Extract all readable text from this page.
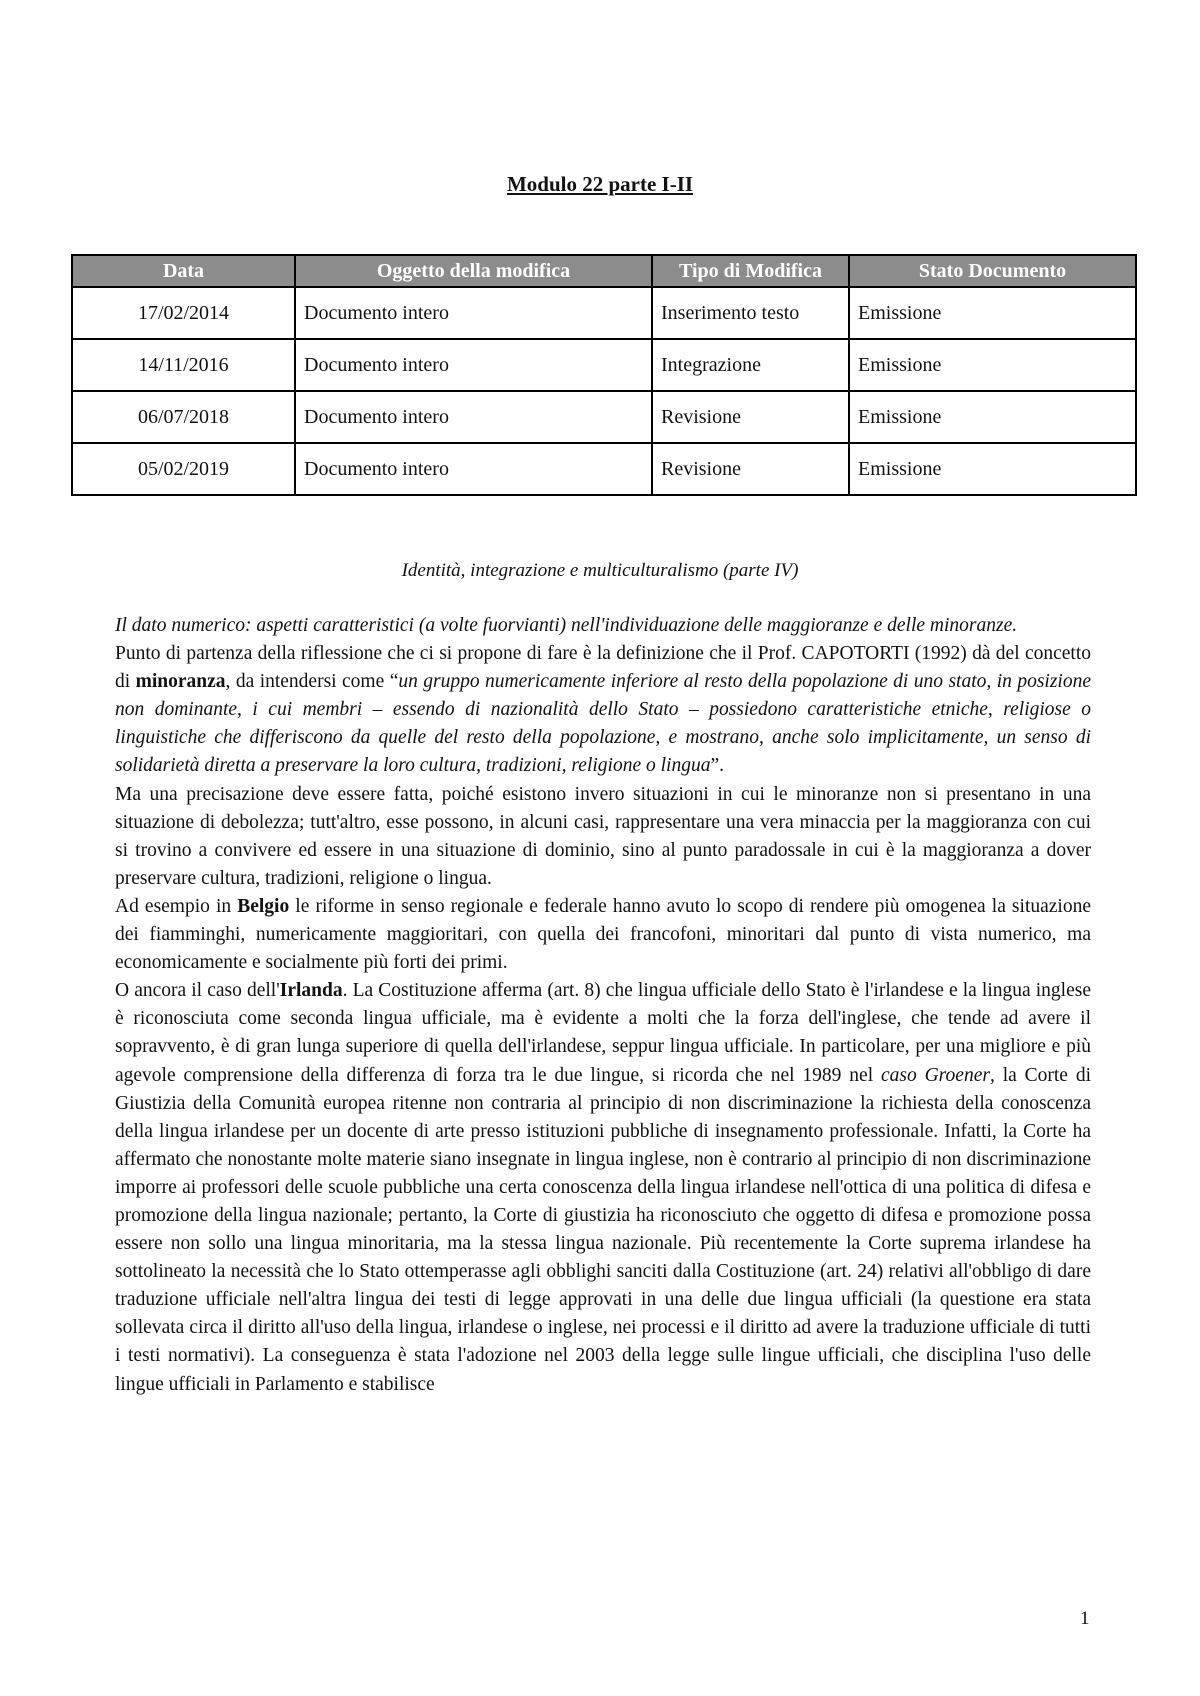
Modulo 22 parte I-II
Data	Oggetto della modifica	Tipo di Modifica	Stato Documento
17/02/2014	Documento intero	Inserimento testo	Emissione
14/11/2016	Documento intero	Integrazione	Emissione
06/07/2018	Documento intero	Revisione	Emissione
05/02/2019	Documento intero	Revisione	Emissione
Identità, integrazione e multiculturalismo (parte IV)

Il dato numerico: aspetti caratteristici (a volte fuorvianti) nell'individuazione delle maggioranze e delle minoranze.

Punto di partenza della riflessione che ci si propone di fare è la definizione che il Prof. CAPOTORTI (1992) dà del concetto di minoranza, da intendersi come “un gruppo numericamente inferiore al resto della popolazione di uno stato, in posizione non dominante, i cui membri – essendo di nazionalità dello Stato – possiedono caratteristiche etniche, religiose o linguistiche che differiscono da quelle del resto della popolazione, e mostrano, anche solo implicitamente, un senso di solidarietà diretta a preservare la loro cultura, tradizioni, religione o lingua”.

Ma una precisazione deve essere fatta, poiché esistono invero situazioni in cui le minoranze non si presentano in una situazione di debolezza; tutt'altro, esse possono, in alcuni casi, rappresentare una vera minaccia per la maggioranza con cui si trovino a convivere ed essere in una situazione di dominio, sino al punto paradossale in cui è la maggioranza a dover preservare cultura, tradizioni, religione o lingua.

Ad esempio in Belgio le riforme in senso regionale e federale hanno avuto lo scopo di rendere più omogenea la situazione dei fiamminghi, numericamente maggioritari, con quella dei francofoni, minoritari dal punto di vista numerico, ma economicamente e socialmente più forti dei primi.

O ancora il caso dell'Irlanda. La Costituzione afferma (art. 8) che lingua ufficiale dello Stato è l'irlandese e la lingua inglese è riconosciuta come seconda lingua ufficiale, ma è evidente a molti che la forza dell'inglese, che tende ad avere il sopravvento, è di gran lunga superiore di quella dell'irlandese, seppur lingua ufficiale. In particolare, per una migliore e più agevole comprensione della differenza di forza tra le due lingue, si ricorda che nel 1989 nel caso Groener, la Corte di Giustizia della Comunità europea ritenne non contraria al principio di non discriminazione la richiesta della conoscenza della lingua irlandese per un docente di arte presso istituzioni pubbliche di insegnamento professionale. Infatti, la Corte ha affermato che nonostante molte materie siano insegnate in lingua inglese, non è contrario al principio di non discriminazione imporre ai professori delle scuole pubbliche una certa conoscenza della lingua irlandese nell'ottica di una politica di difesa e promozione della lingua nazionale; pertanto, la Corte di giustizia ha riconosciuto che oggetto di difesa e promozione possa essere non sollo una lingua minoritaria, ma la stessa lingua nazionale. Più recentemente la Corte suprema irlandese ha sottolineato la necessità che lo Stato ottemperasse agli obblighi sanciti dalla Costituzione (art. 24) relativi all'obbligo di dare traduzione ufficiale nell'altra lingua dei testi di legge approvati in una delle due lingua ufficiali (la questione era stata sollevata circa il diritto all'uso della lingua, irlandese o inglese, nei processi e il diritto ad avere la traduzione ufficiale di tutti i testi normativi). La conseguenza è stata l'adozione nel 2003 della legge sulle lingue ufficiali, che disciplina l'uso delle lingue ufficiali in Parlamento e stabilisce

1
